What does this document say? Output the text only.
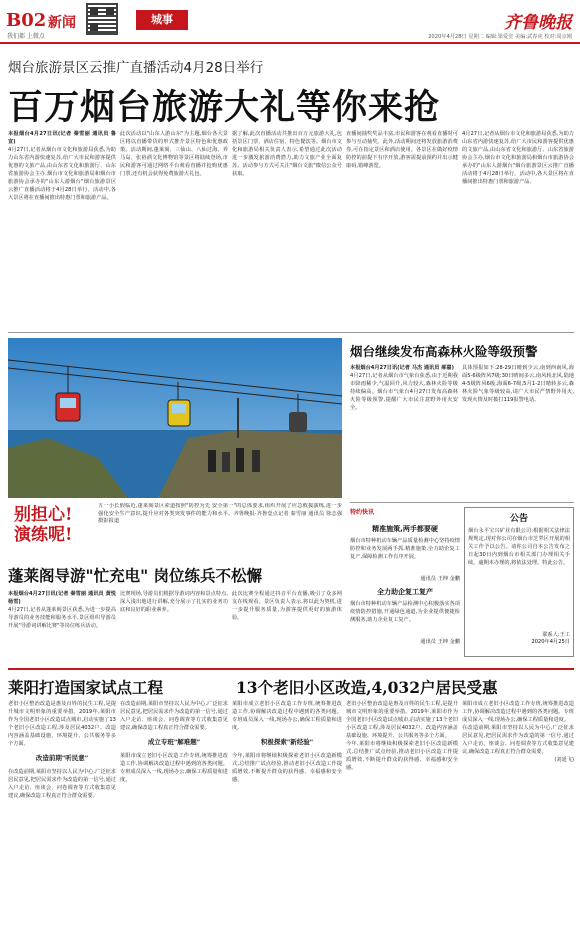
B02 新闻
我们都 上微点
城事	齐鲁晚报
2020年4月28日 星期二 编辑:梁爱堂 美编:武春虎 校对:周京刚
烟台旅游景区云推广直播活动4月28日举行
百万烟台旅游大礼等你来抢

本报烟台4月27日讯(记者 秦雪丽 通讯员 鲁宣)

4月27日,记者从烟台市文化和旅游局获悉,为助力山东省内游快速复苏,给广大市民和游客提供优惠的文旅产品,由山东省文化和旅游厅、山东省旅游协会主办,烟台市文化和旅游局和烟台市旅游协会承办的"山东人游烟台"烟台旅游景区云推广直播活动将于4月28日举行。活动中,各大景区将在直播间推出特惠门票和旅游产品。

此次活动以"山东人游山东"为主题,烟台各大景区将以直播带货的形式推介景区特色和优惠政策。活动期间,蓬莱阁、三仙山、八仙过海、养马岛、张裕酒文化博物馆等景区将陆续登场,市民和游客可通过网络平台观看直播并抢购优惠门票,还有机会获得免费旅游大礼包。

据了解,此次直播活动共推出百万元旅游大礼,包括景区门票、酒店住宿、特色餐饮等。烟台市文化和旅游局相关负责人表示,希望通过此次活动进一步激发旅游消费潜力,助力文旅产业全面复苏。活动参与方式可关注"烟台文旅"微信公众号获取。

直播间抽奖奖品丰富,市民和游客在观看直播时可参与互动抽奖。此外,活动期间还将发放旅游消费券,可在指定景区和酒店使用。各景区在做好疫情防控的前提下有序开放,游客需提前预约并出示健康码,错峰游览。

4月27日,记者从烟台市文化和旅游局获悉,为助力山东省内游快速复苏,给广大市民和游客提供优惠的文旅产品,由山东省文化和旅游厅、山东省旅游协会主办,烟台市文化和旅游局和烟台市旅游协会承办的"山东人游烟台"烟台旅游景区云推广直播活动将于4月28日举行。活动中,各大景区将在直播间推出特惠门票和旅游产品。

别担心!
演练呢!
五一小长假临近,蓬莱阁景区索道按照"防控为先 安全第一"的总体要求,组织开展了应急救援演练,进一步强化安全生产意识,提升应对各类突发事件的能力和水平。齐鲁晚报·齐鲁壹点记者 秦雪丽 通讯员 徐志强 摄影报道
烟台继续发布高森林火险等级预警

本报烟台4月27日讯(记者 马杰 通讯员 郝嘉)

4月27日,记者从烟台市气象台获悉,由于近期我市降雨稀少,气温回升,风力较大,森林火险等级持续偏高。烟台市气象台4月27日发布高森林火险等级预警,提醒广大市民注意野外用火安全。

具体预报如下:28-29日晴到少云,南到西南风,海面5-6级阵风7级;30日晴间多云,南风转北风,陆地4-5级阵风6级,海面6-7级,5月1-2日晴转多云,森林火险气象等级较高,请广大市民严禁野外用火,发现火情及时拨打119报警电话。

特约快讯
精准施策,两手都要硬
烟台市特种机动车辆产品质量检测中心坚持疫情防控和业务发展两手抓,精准施策,全力助企复工复产,保障检测工作有序开展。
通讯员 王坤 金鹏
全力助企复工复产
烟台市特种机动车辆产品检测中心积极落实各项疫情防控措施,开通绿色通道,为企业提供便捷检测服务,助力企业复工复产。
通讯员 王坤 金鹏
公告
烟台永平宝兴矿业有限公司:根据相关法律法规规定,现对你公司在烟台市芝罘区开展的相关工作予以公告。请你公司自本公告发布之日起30日内到烟台市相关部门办理相关手续。逾期未办理的,将依法处理。特此公告。
联系人:王工
2020年4月25日
蓬莱阁导游"忙充电" 岗位练兵不松懈

本报烟台4月27日讯(记者 秦雪丽 通讯员 黄悦 杨雪)

4月27日,记者从蓬莱阁景区获悉,为进一步提高导游员的业务技能和服务水平,景区组织导游员开展"导游词讲解比赛"等岗位练兵活动。

比赛现场,导游员们根据导游词内容和景点特点,深入浅出地进行讲解,充分展示了扎实的业务功底和良好的职业素养。

此次比赛全程通过抖音平台直播,吸引了众多网友在线观看。景区负责人表示,将以此为契机,进一步提升服务质量,为游客提供更好的旅游体验。

莱阳打造国家试点工程	13个老旧小区改造,4,032户居民受惠

老旧小区整治改造是惠及百姓的民生工程,是提升城市文明形象的重要举措。2019年,莱阳市作为全国老旧小区改造试点城市,启动实施了13个老旧小区改造工程,涉及居民4032户。改造内容涵盖基础设施、环境提升、公共服务等多个方面。

改造前期"听民意"

在改造前期,莱阳市坚持以人民为中心,广泛征求居民意见,把居民需求作为改造的第一信号,通过入户走访、座谈会、问卷调查等方式收集意见建议,确保改造工程真正符合群众需要。

在改造前期,莱阳市坚持以人民为中心,广泛征求居民意见,把居民需求作为改造的第一信号,通过入户走访、座谈会、问卷调查等方式收集意见建议,确保改造工程真正符合群众需要。

成立专班"解难题"

莱阳市成立老旧小区改造工作专班,统筹推进改造工作,协调解决改造过程中遇到的各类问题。专班成员深入一线,现场办公,确保工程质量和进度。

莱阳市成立老旧小区改造工作专班,统筹推进改造工作,协调解决改造过程中遇到的各类问题。专班成员深入一线,现场办公,确保工程质量和进度。

积极探索"新经验"

今年,莱阳市将继续积极探索老旧小区改造新模式,总结推广试点经验,推动老旧小区改造工作提质增效,不断提升群众的获得感、幸福感和安全感。

老旧小区整治改造是惠及百姓的民生工程,是提升城市文明形象的重要举措。2019年,莱阳市作为全国老旧小区改造试点城市,启动实施了13个老旧小区改造工程,涉及居民4032户。改造内容涵盖基础设施、环境提升、公共服务等多个方面。

今年,莱阳市将继续积极探索老旧小区改造新模式,总结推广试点经验,推动老旧小区改造工作提质增效,不断提升群众的获得感、幸福感和安全感。

莱阳市成立老旧小区改造工作专班,统筹推进改造工作,协调解决改造过程中遇到的各类问题。专班成员深入一线,现场办公,确保工程质量和进度。

在改造前期,莱阳市坚持以人民为中心,广泛征求居民意见,把居民需求作为改造的第一信号,通过入户走访、座谈会、问卷调查等方式收集意见建议,确保改造工程真正符合群众需要。

(刘延飞)
